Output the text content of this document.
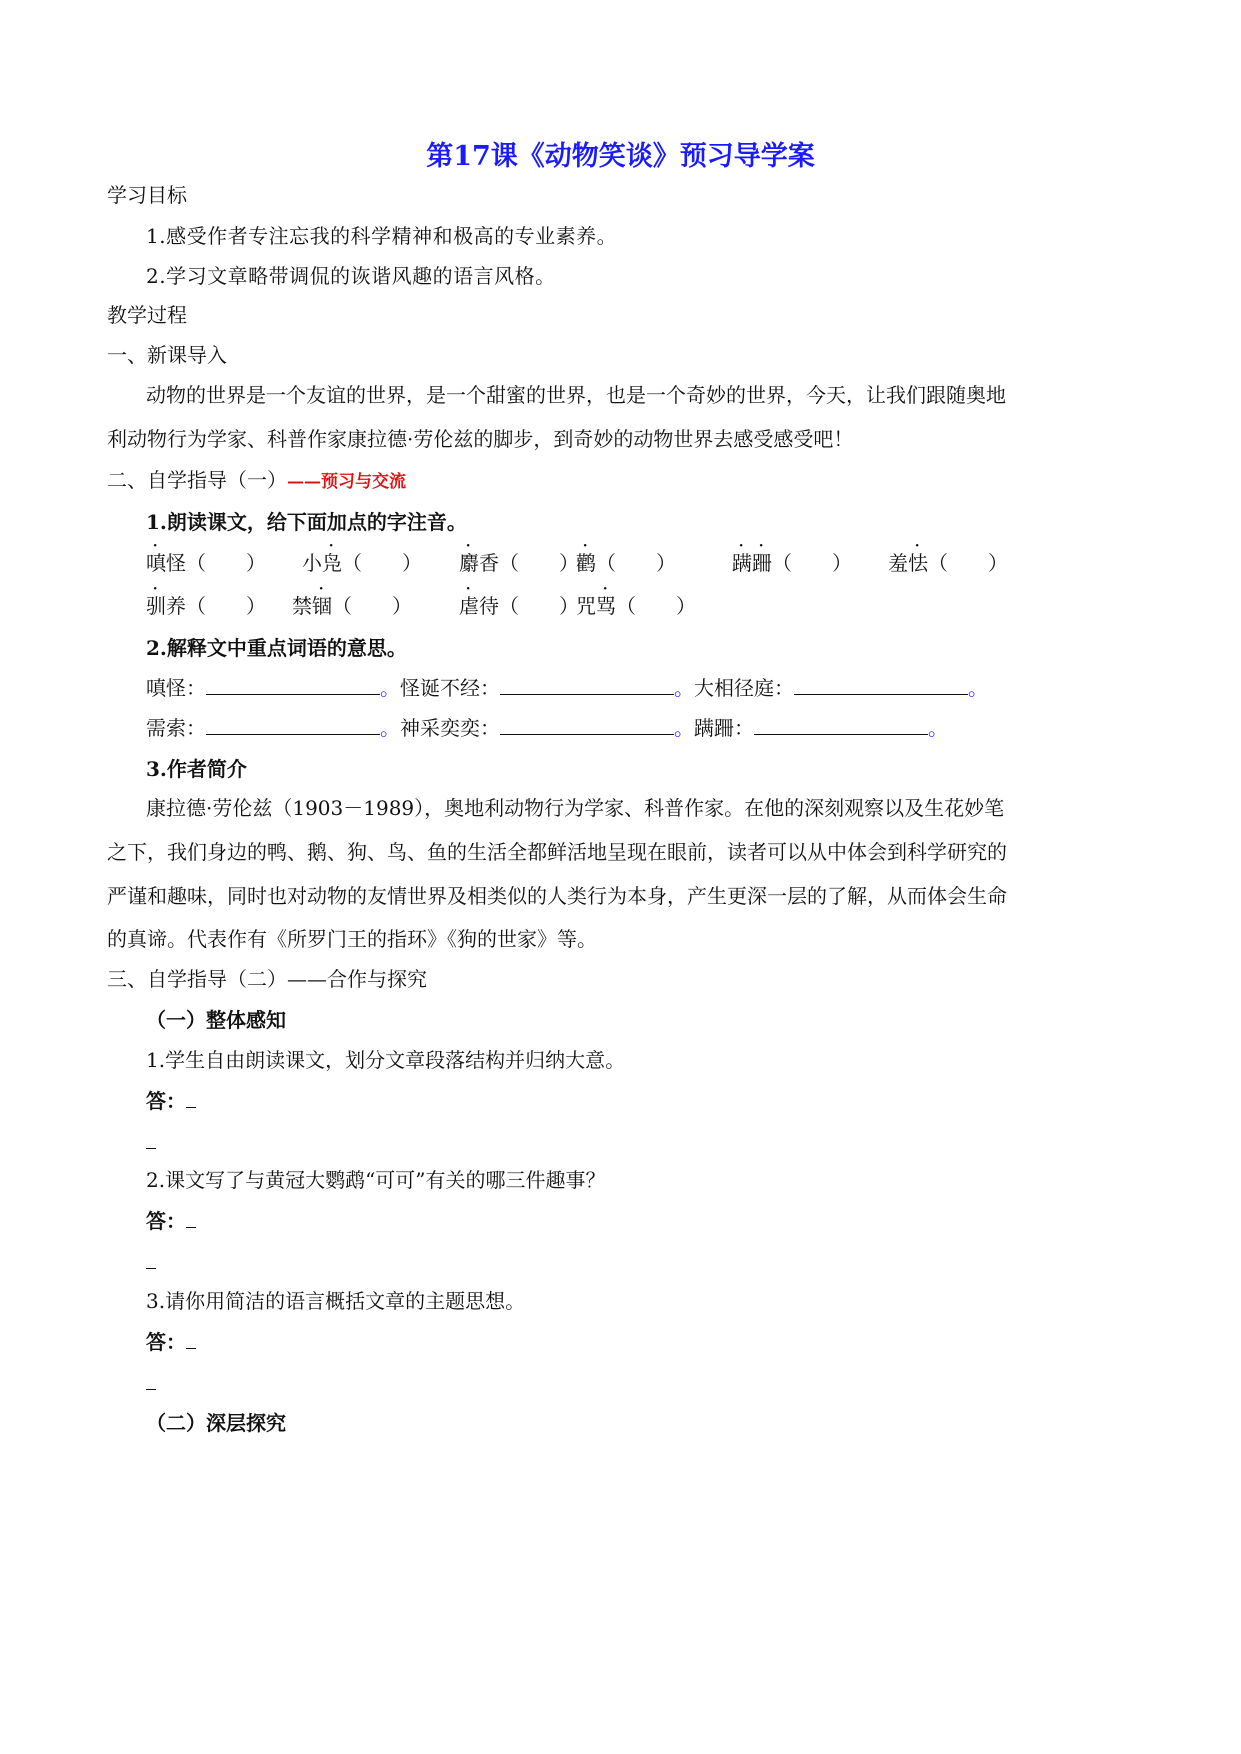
第17课《动物笑谈》预习导学案
学习目标
1.感受作者专注忘我的科学精神和极高的专业素养。
2.学习文章略带调侃的诙谐风趣的语言风格。
教学过程
一、新课导入
动物的世界是一个友谊的世界，是一个甜蜜的世界，也是一个奇妙的世界，今天，让我们跟随奥地
利动物行为学家、科普作家康拉德·劳伦兹的脚步，到奇妙的动物世界去感受感受吧！
二、自学指导（一）——预习与交流
1.朗读课文，给下面加点的字注音。
·
嗔怪（　　）
·
小凫（　　）
·
麝香（　　）
·
鹳（　　）
· ·
蹒跚（　　）
·
羞怯（　　）
·
驯养（　　）
·
禁锢（　　）
·
虐待（　　）
·
咒骂（　　）
2.解释文中重点词语的意思。
嗔怪：	。怪诞不经：	。大相径庭：	。
需索：	。神采奕奕：	。蹒跚：	。
3.作者简介
康拉德·劳伦兹（1903－1989），奥地利动物行为学家、科普作家。在他的深刻观察以及生花妙笔
之下，我们身边的鸭、鹅、狗、鸟、鱼的生活全都鲜活地呈现在眼前，读者可以从中体会到科学研究的
严谨和趣味，同时也对动物的友情世界及相类似的人类行为本身，产生更深一层的了解，从而体会生命
的真谛。代表作有《所罗门王的指环》《狗的世家》等。
三、自学指导（二）——合作与探究
（一）整体感知
1.学生自由朗读课文，划分文章段落结构并归纳大意。
答：
2.课文写了与黄冠大鹦鹉“可可”有关的哪三件趣事？
答：
3.请你用简洁的语言概括文章的主题思想。
答：
（二）深层探究
